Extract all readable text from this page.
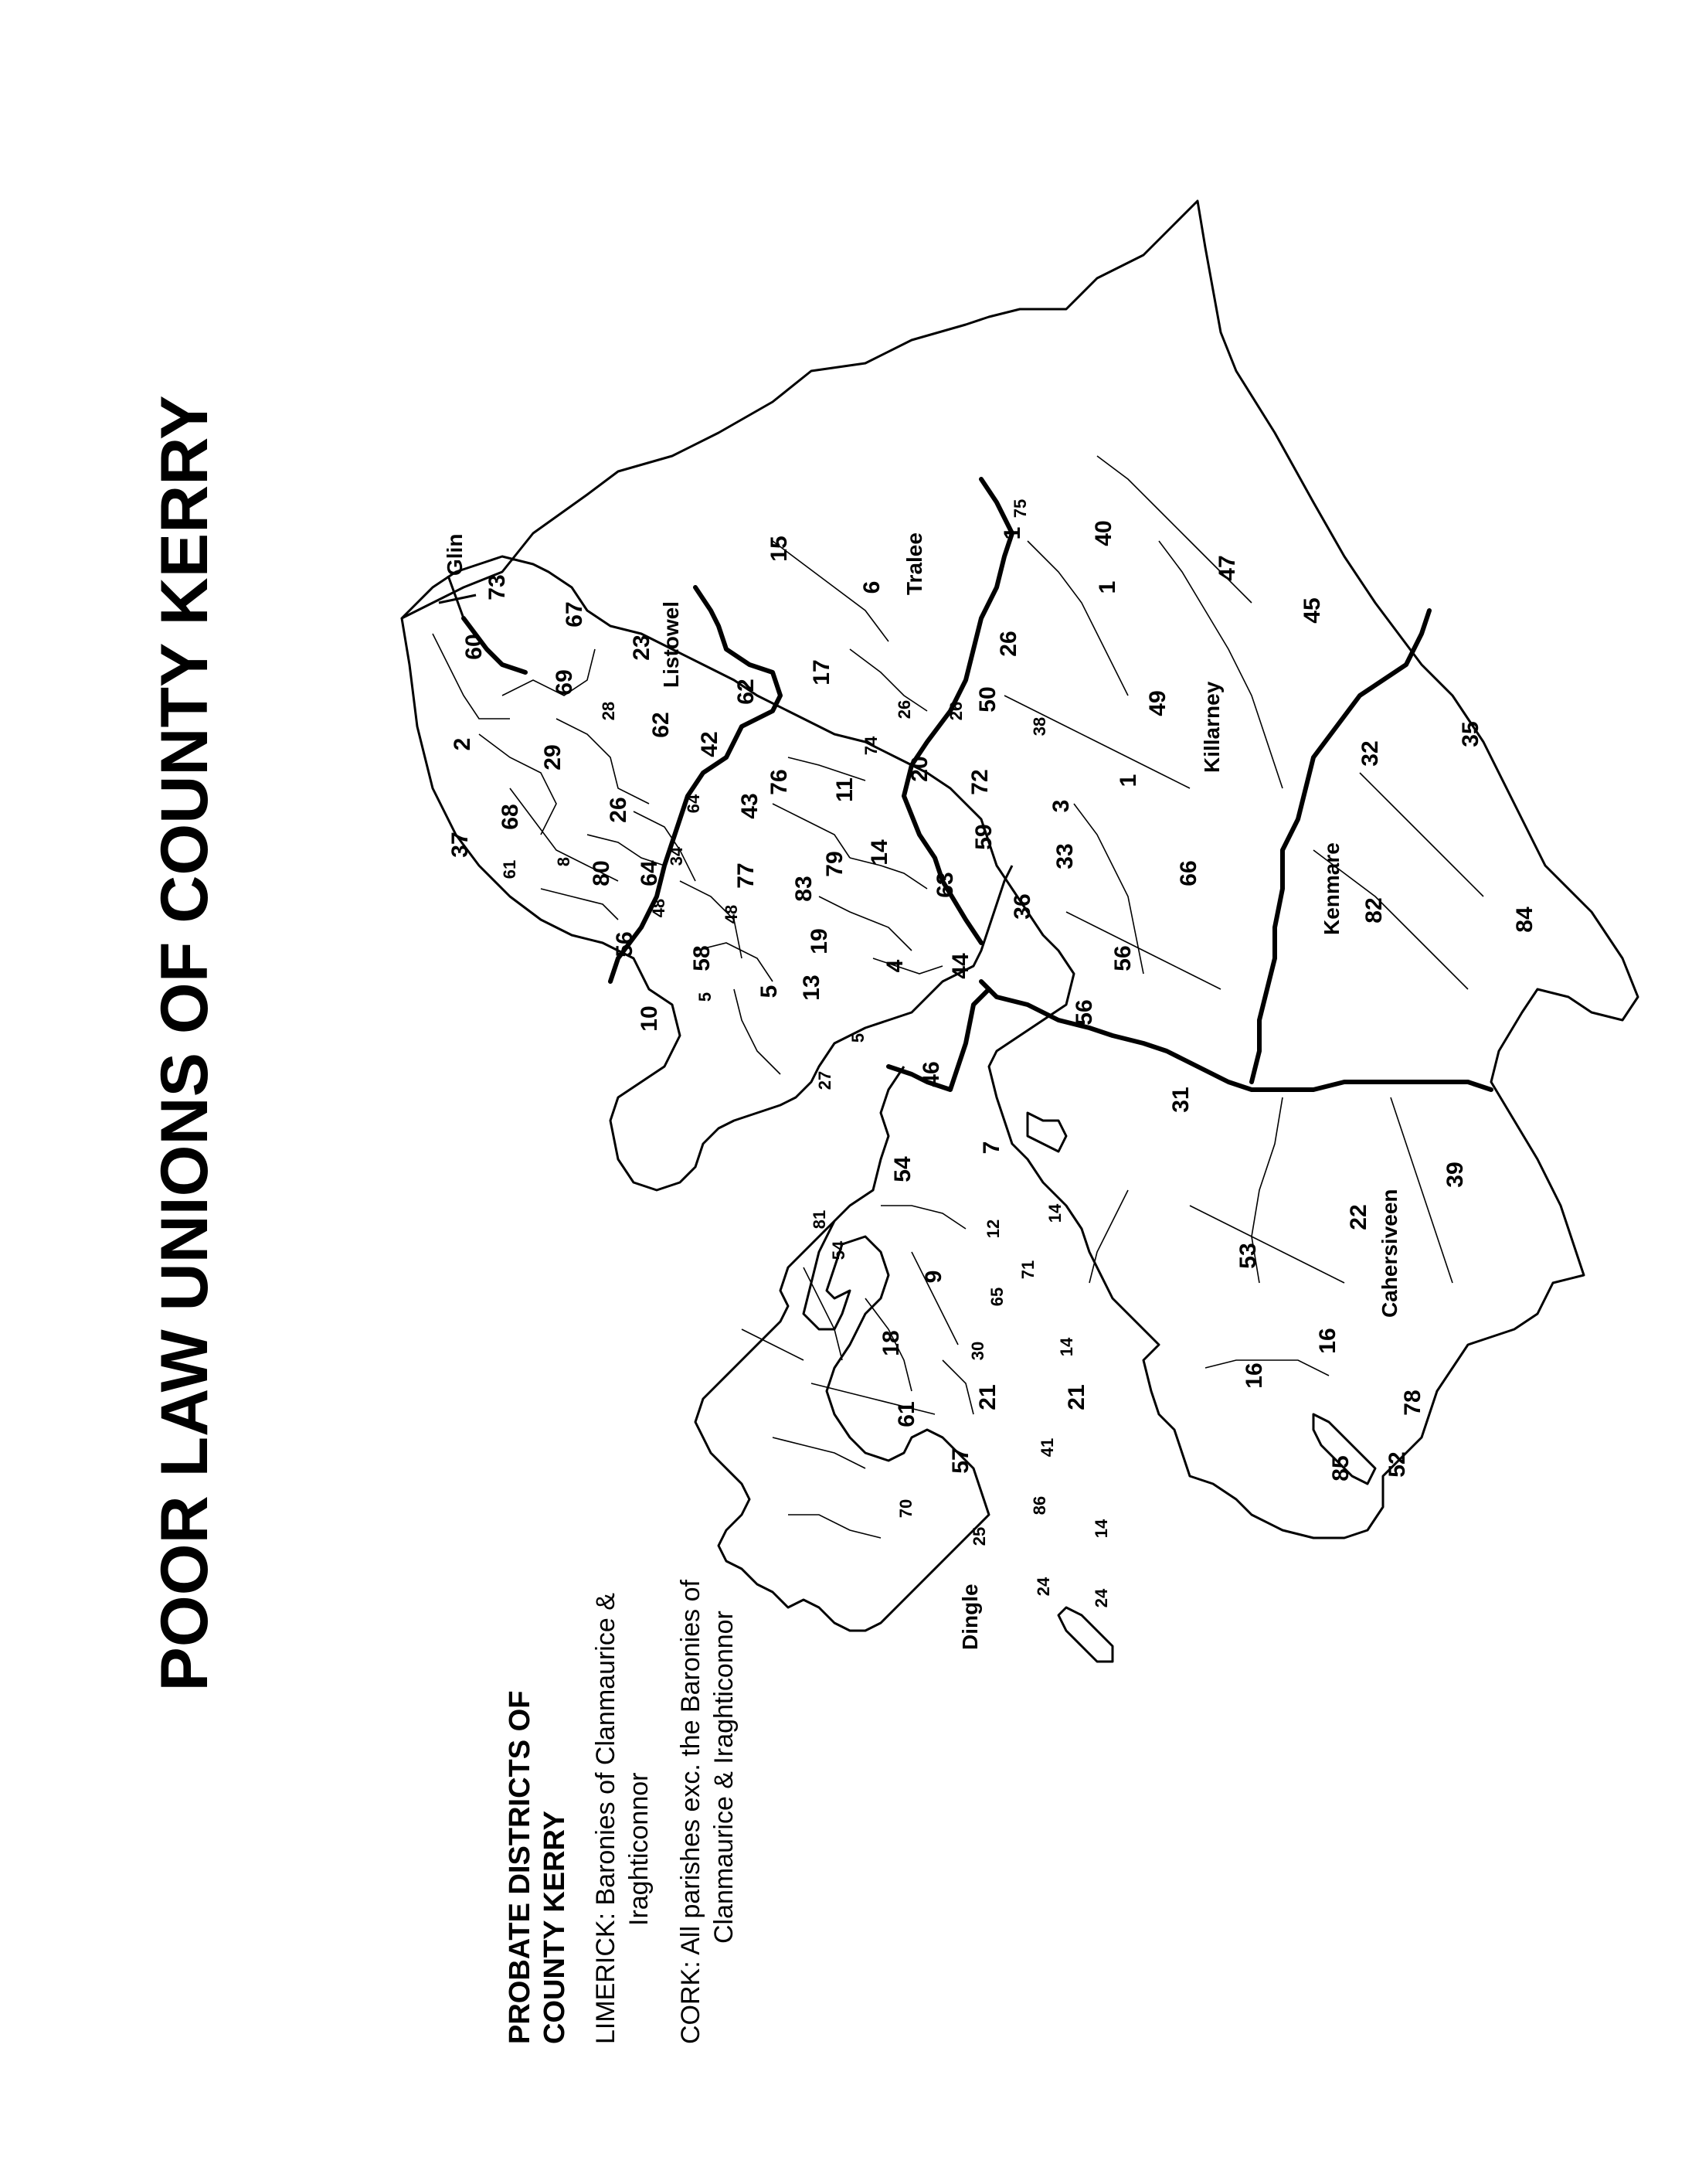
POOR LAW UNIONS OF COUNTY KERRY
PROBATE DISTRICTS OF COUNTY KERRY LIMERICK: Baronies of Clanmaurice & Iraghticonnor CORK: All parishes exc. the Baronies of Clanmaurice & Iraghticonnor
Glin
Listowel
Tralee
Killarney
Kenmare
Cahersiveen
Dingle
60
73
67
23
69
2
28
62
62
29
68
37
61 8
26	64
42
43
34
64
80
56
48	48
77
83
79
58
5
19
13
5
5
10
27
76 11
14
17
15
6
26 26
26
74
20
50
38
72
3
59
63
33
36
4 44
46
75
1	40
1
47
45
49
1
66
56
56
32
35
82	84
31
22
39
53
16
16
78
52
85
54
7
81
54
12
14
9	71
65
18	30	14
21	21
61
57
41
70	86
25	14
24
24
